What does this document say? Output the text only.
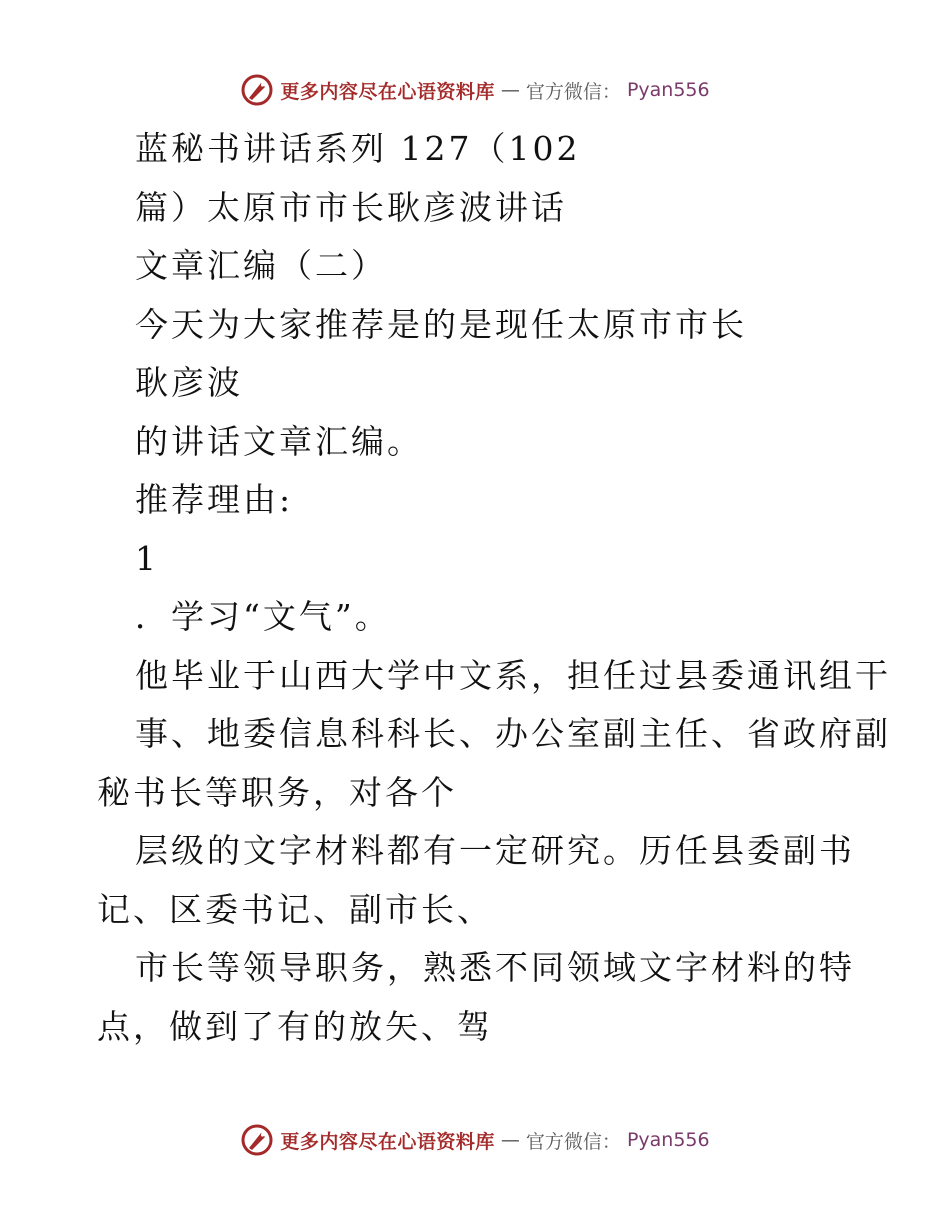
更多内容尽在心语资料库 — 官方微信： Pyan556
蓝秘书讲话系列 127（102
篇）太原市市长耿彦波讲话
文章汇编（二）
今天为大家推荐是的是现任太原市市长
耿彦波
的讲话文章汇编。
推荐理由:
1
．学习“文气”。
他毕业于山西大学中文系，担任过县委通讯组干
事、地委信息科科长、办公室副主任、省政府副
秘书长等职务，对各个
层级的文字材料都有一定研究。历任县委副书
记、区委书记、副市长、
市长等领导职务，熟悉不同领域文字材料的特
点，做到了有的放矢、驾
更多内容尽在心语资料库 — 官方微信： Pyan556
